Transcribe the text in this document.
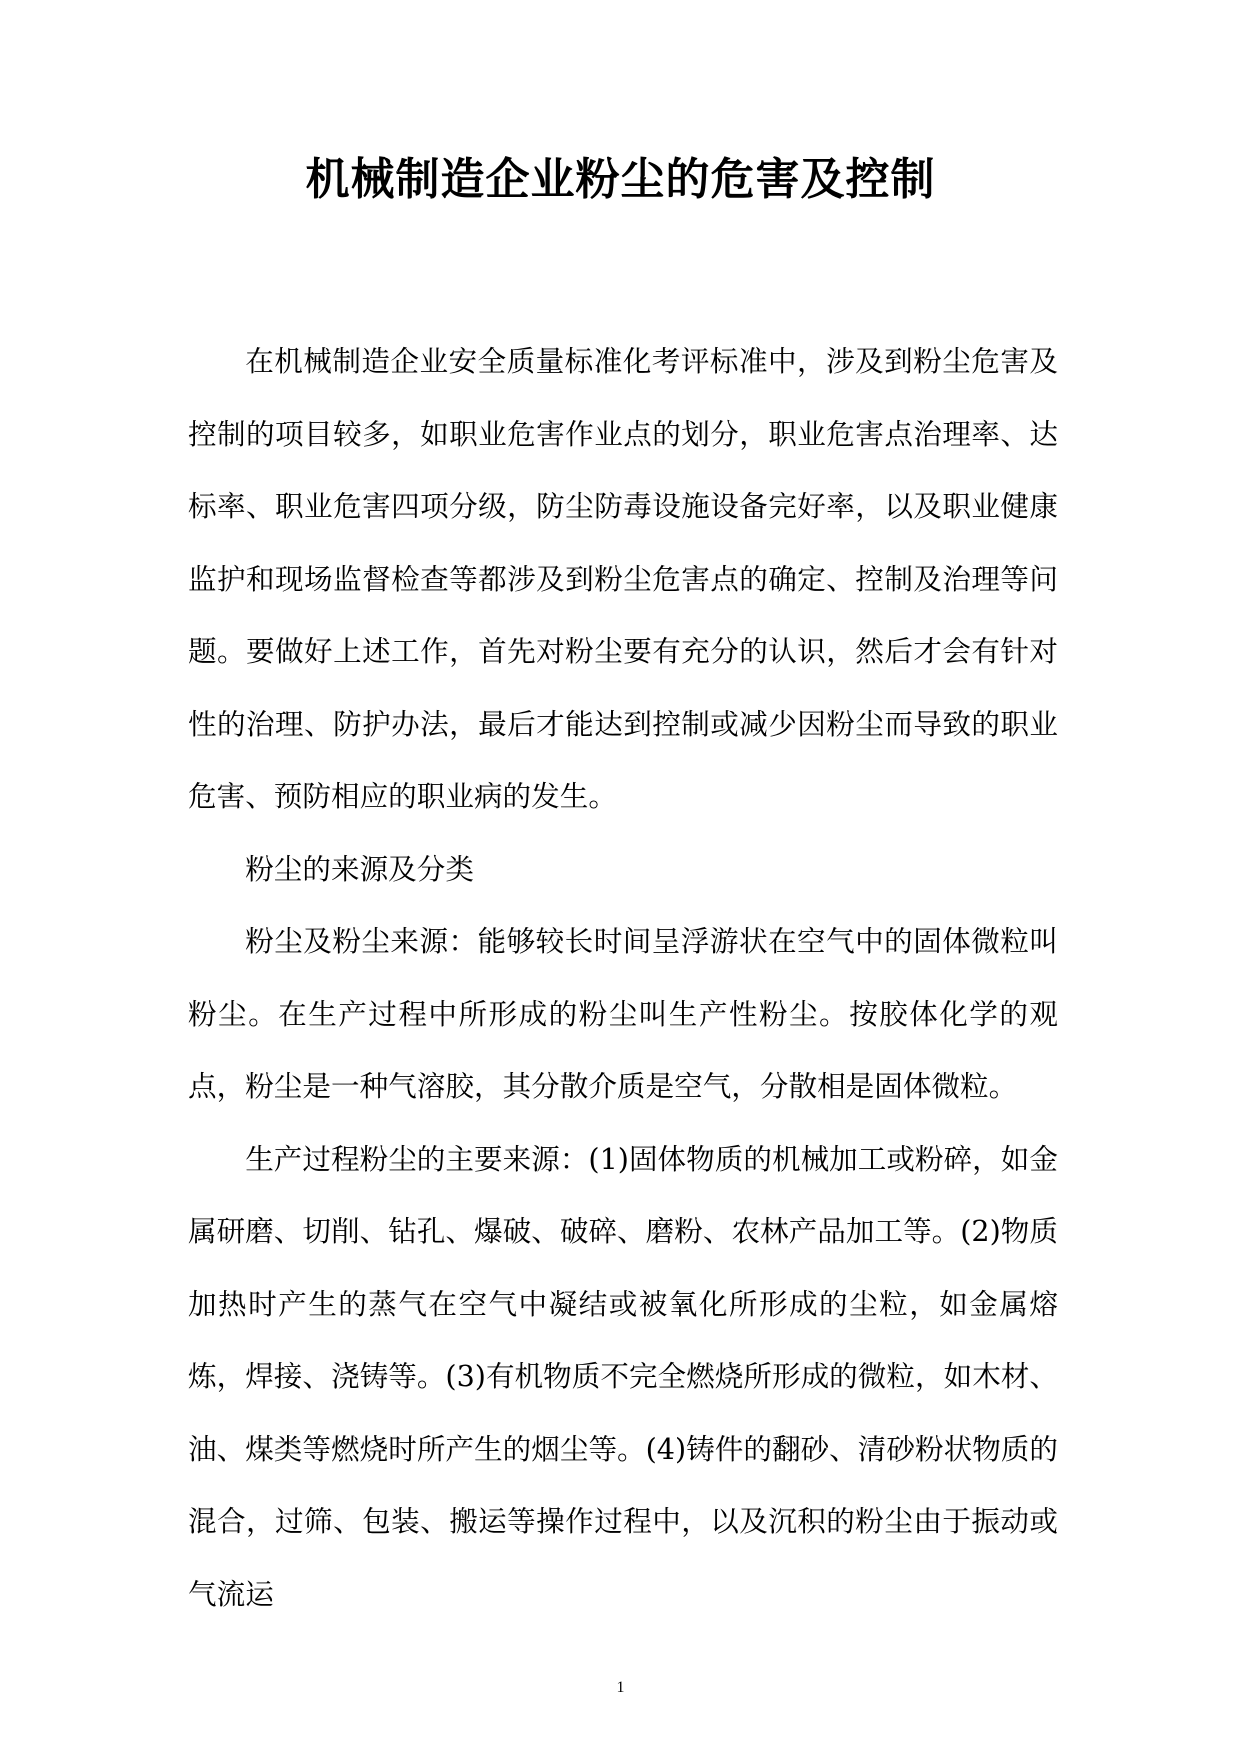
机械制造企业粉尘的危害及控制

在机械制造企业安全质量标准化考评标准中，涉及到粉尘危害及控制的项目较多，如职业危害作业点的划分，职业危害点治理率、达标率、职业危害四项分级，防尘防毒设施设备完好率，以及职业健康监护和现场监督检查等都涉及到粉尘危害点的确定、控制及治理等问题。要做好上述工作，首先对粉尘要有充分的认识，然后才会有针对性的治理、防护办法，最后才能达到控制或减少因粉尘而导致的职业危害、预防相应的职业病的发生。

粉尘的来源及分类

粉尘及粉尘来源：能够较长时间呈浮游状在空气中的固体微粒叫粉尘。在生产过程中所形成的粉尘叫生产性粉尘。按胶体化学的观点，粉尘是一种气溶胶，其分散介质是空气，分散相是固体微粒。

生产过程粉尘的主要来源：(1)固体物质的机械加工或粉碎，如金属研磨、切削、钻孔、爆破、破碎、磨粉、农林产品加工等。(2)物质加热时产生的蒸气在空气中凝结或被氧化所形成的尘粒，如金属熔炼，焊接、浇铸等。(3)有机物质不完全燃烧所形成的微粒，如木材、油、煤类等燃烧时所产生的烟尘等。(4)铸件的翻砂、清砂粉状物质的混合，过筛、包装、搬运等操作过程中，以及沉积的粉尘由于振动或气流运

1
